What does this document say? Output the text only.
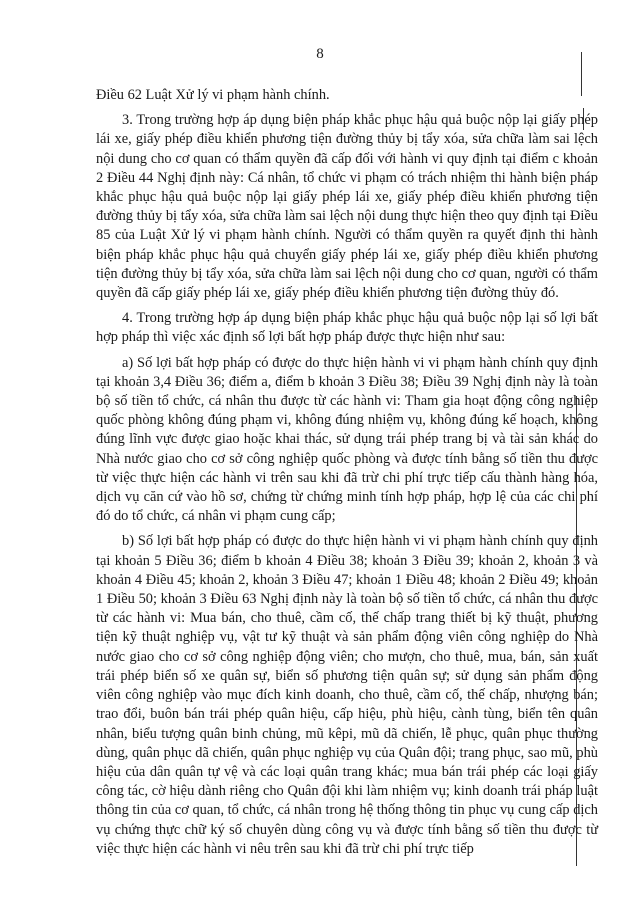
8

Điều 62 Luật Xử lý vi phạm hành chính.

3. Trong trường hợp áp dụng biện pháp khắc phục hậu quả buộc nộp lại giấy phép lái xe, giấy phép điều khiển phương tiện đường thủy bị tẩy xóa, sửa chữa làm sai lệch nội dung cho cơ quan có thẩm quyền đã cấp đối với hành vi quy định tại điểm c khoản 2 Điều 44 Nghị định này: Cá nhân, tổ chức vi phạm có trách nhiệm thi hành biện pháp khắc phục hậu quả buộc nộp lại giấy phép lái xe, giấy phép điều khiển phương tiện đường thủy bị tẩy xóa, sửa chữa làm sai lệch nội dung thực hiện theo quy định tại Điều 85 của Luật Xử lý vi phạm hành chính. Người có thẩm quyền ra quyết định thi hành biện pháp khắc phục hậu quả chuyển giấy phép lái xe, giấy phép điều khiển phương tiện đường thủy bị tẩy xóa, sửa chữa làm sai lệch nội dung cho cơ quan, người có thẩm quyền đã cấp giấy phép lái xe, giấy phép điều khiển phương tiện đường thủy đó.

4. Trong trường hợp áp dụng biện pháp khắc phục hậu quả buộc nộp lại số lợi bất hợp pháp thì việc xác định số lợi bất hợp pháp được thực hiện như sau:

a) Số lợi bất hợp pháp có được do thực hiện hành vi vi phạm hành chính quy định tại khoản 3,4 Điều 36; điểm a, điểm b khoản 3 Điều 38; Điều 39 Nghị định này là toàn bộ số tiền tổ chức, cá nhân thu được từ các hành vi: Tham gia hoạt động công nghiệp quốc phòng không đúng phạm vi, không đúng nhiệm vụ, không đúng kế hoạch, không đúng lĩnh vực được giao hoặc khai thác, sử dụng trái phép trang bị và tài sản khác do Nhà nước giao cho cơ sở công nghiệp quốc phòng và được tính bằng số tiền thu được từ việc thực hiện các hành vi trên sau khi đã trừ chi phí trực tiếp cấu thành hàng hóa, dịch vụ căn cứ vào hồ sơ, chứng từ chứng minh tính hợp pháp, hợp lệ của các chi phí đó do tổ chức, cá nhân vi phạm cung cấp;

b) Số lợi bất hợp pháp có được do thực hiện hành vi vi phạm hành chính quy định tại khoản 5 Điều 36; điểm b khoản 4 Điều 38; khoản 3 Điều 39; khoản 2, khoản 3 và khoản 4 Điều 45; khoản 2, khoản 3 Điều 47; khoản 1 Điều 48; khoản 2 Điều 49; khoản 1 Điều 50; khoản 3 Điều 63 Nghị định này là toàn bộ số tiền tổ chức, cá nhân thu được từ các hành vi: Mua bán, cho thuê, cầm cố, thế chấp trang thiết bị kỹ thuật, phương tiện kỹ thuật nghiệp vụ, vật tư kỹ thuật và sản phẩm động viên công nghiệp do Nhà nước giao cho cơ sở công nghiệp động viên; cho mượn, cho thuê, mua, bán, sản xuất trái phép biển số xe quân sự, biển số phương tiện quân sự; sử dụng sản phẩm động viên công nghiệp vào mục đích kinh doanh, cho thuê, cầm cố, thế chấp, nhượng bán; trao đổi, buôn bán trái phép quân hiệu, cấp hiệu, phù hiệu, cành tùng, biển tên quân nhân, biểu tượng quân binh chủng, mũ kêpi, mũ dã chiến, lễ phục, quân phục thường dùng, quân phục dã chiến, quân phục nghiệp vụ của Quân đội; trang phục, sao mũ, phù hiệu của dân quân tự vệ và các loại quân trang khác; mua bán trái phép các loại giấy công tác, cờ hiệu dành riêng cho Quân đội khi làm nhiệm vụ; kinh doanh trái pháp luật thông tin của cơ quan, tổ chức, cá nhân trong hệ thống thông tin phục vụ cung cấp dịch vụ chứng thực chữ ký số chuyên dùng công vụ và được tính bằng số tiền thu được từ việc thực hiện các hành vi nêu trên sau khi đã trừ chi phí trực tiếp
